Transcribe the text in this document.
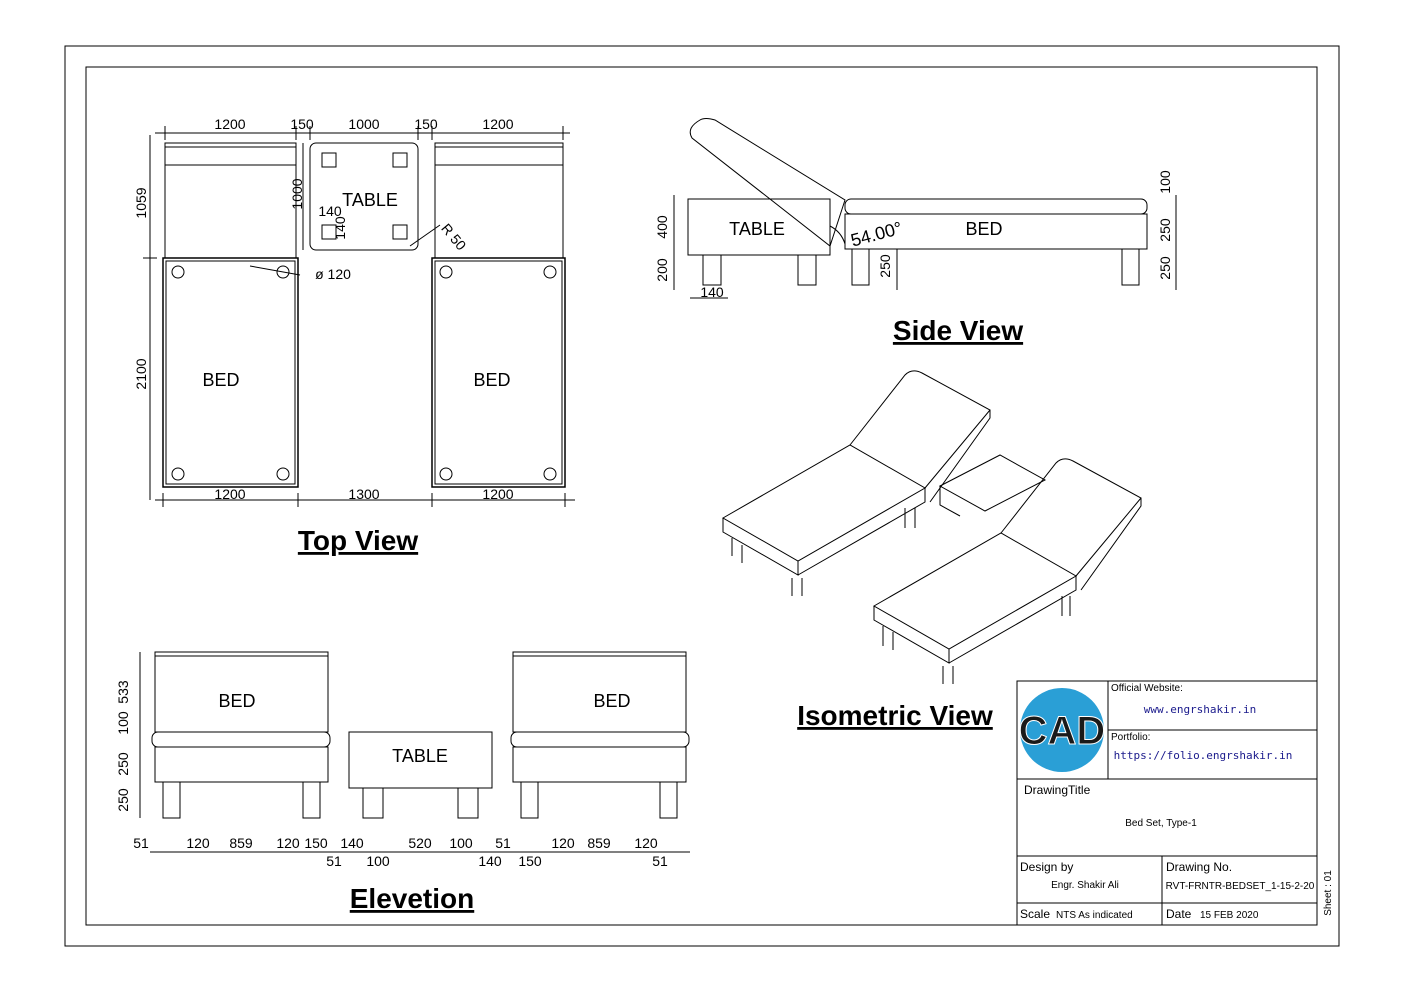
1200	150 1000 150	1200
1059
2100
1000 TABLE
140
140	R 50
ø 120
BED	BED
1200	1300	1200
Top View
TABLE	BED
54.00°
400
200
140
100
250
250
250
Side View
Isometric View
BED
TABLE
BED
533
100
250
250
51	120 859 120 150 140	520 100 51	120 859 120
51 100	140 150	51
Elevetion
CAD
Official Website:
www.engrshakir.in
Portfolio:
https://folio.engrshakir.in
DrawingTitle
Bed Set, Type-1
Design by
Engr. Shakir Ali
Drawing No.
RVT-FRNTR-BEDSET_1-15-2-20
Scale NTS As indicated	Date 15 FEB 2020	Sheet : 01
